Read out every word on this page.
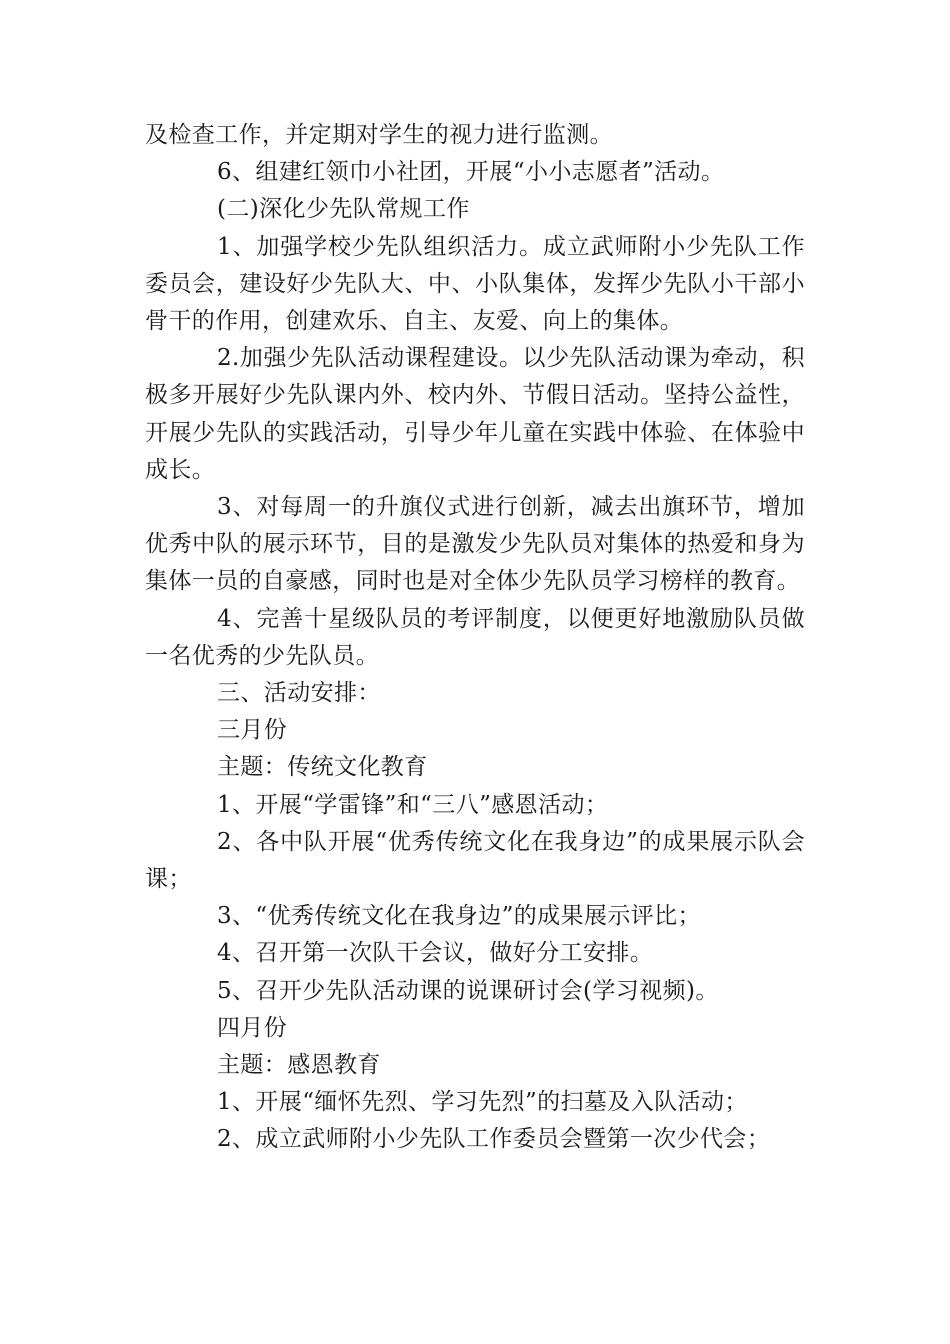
及检查工作，并定期对学生的视力进行监测。

6、组建红领巾小社团，开展“小小志愿者”活动。

(二)深化少先队常规工作

1、加强学校少先队组织活力。成立武师附小少先队工作委员会，建设好少先队大、中、小队集体，发挥少先队小干部小骨干的作用，创建欢乐、自主、友爱、向上的集体。

2.加强少先队活动课程建设。以少先队活动课为牵动，积极多开展好少先队课内外、校内外、节假日活动。坚持公益性，开展少先队的实践活动，引导少年儿童在实践中体验、在体验中成长。

3、对每周一的升旗仪式进行创新，减去出旗环节，增加优秀中队的展示环节，目的是激发少先队员对集体的热爱和身为集体一员的自豪感，同时也是对全体少先队员学习榜样的教育。

4、完善十星级队员的考评制度，以便更好地激励队员做一名优秀的少先队员。

三、活动安排：

三月份

主题：传统文化教育

1、开展“学雷锋”和“三八”感恩活动；

2、各中队开展“优秀传统文化在我身边”的成果展示队会课；

3、“优秀传统文化在我身边”的成果展示评比；

4、召开第一次队干会议，做好分工安排。

5、召开少先队活动课的说课研讨会(学习视频)。

四月份

主题：感恩教育

1、开展“缅怀先烈、学习先烈”的扫墓及入队活动；

2、成立武师附小少先队工作委员会暨第一次少代会；
